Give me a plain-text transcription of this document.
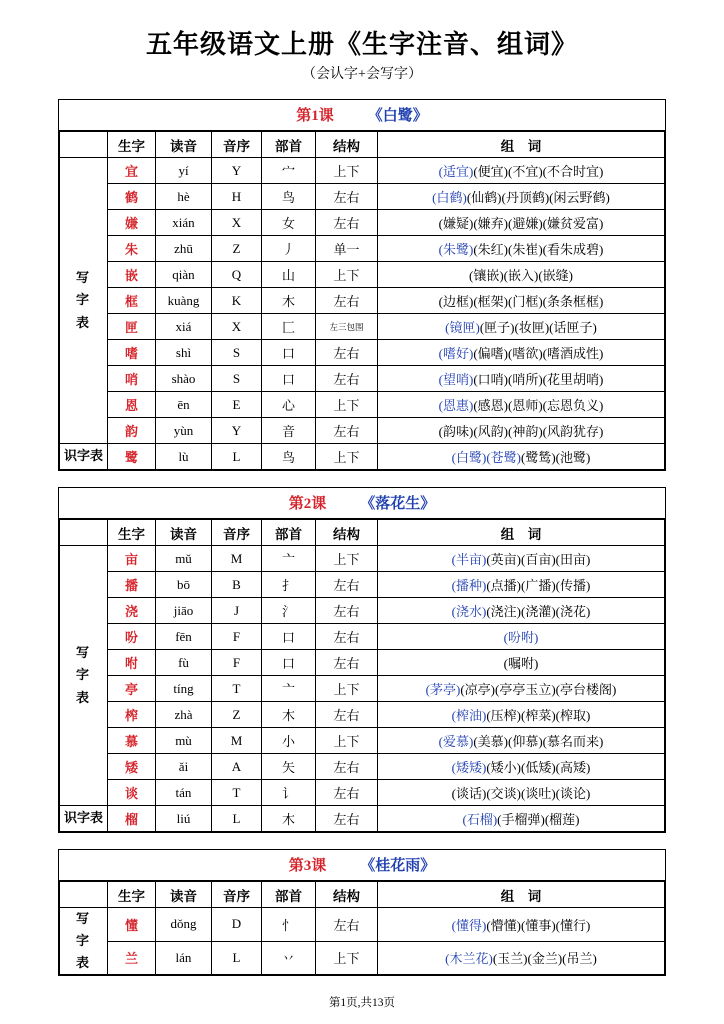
五年级语文上册《生字注音、组词》
（会认字+会写字）
第1课 《白鹭》
	生字	读音	音序	部首	结构	组　词
写
字
表	宜	yí	Y	宀	上下	(适宜)(便宜)(不宜)(不合时宜)
	鹤	hè	H	鸟	左右	(白鹤)(仙鹤)(丹顶鹤)(闲云野鹤)
	嫌	xián	X	女	左右	(嫌疑)(嫌弃)(避嫌)(嫌贫爱富)
	朱	zhū	Z	丿	单一	(朱鹭)(朱红)(朱崔)(看朱成碧)
	嵌	qiàn	Q	山	上下	(镶嵌)(嵌入)(嵌缝)
	框	kuàng	K	木	左右	(边框)(框架)(门框)(条条框框)
	匣	xiá	X	匚	左三包围	(镜匣)(匣子)(妆匣)(话匣子)
	嗜	shì	S	口	左右	(嗜好)(偏嗜)(嗜欲)(嗜酒成性)
	哨	shào	S	口	左右	(望哨)(口哨)(哨所)(花里胡哨)
	恩	ēn	E	心	上下	(恩惠)(感恩)(恩师)(忘恩负义)
	韵	yùn	Y	音	左右	(韵味)(风韵)(神韵)(风韵犹存)
识字表	鹭	lù	L	鸟	上下	(白鹭)(苍鹭)(鹭鸶)(池鹭)
第2课 《落花生》
	生字	读音	音序	部首	结构	组　词
写
字
表	亩	mǔ	M	亠	上下	(半亩)(英亩)(百亩)(田亩)
	播	bō	B	扌	左右	(播种)(点播)(广播)(传播)
	浇	jiāo	J	氵	左右	(浇水)(浇注)(浇灌)(浇花)
	吩	fēn	F	口	左右	(吩咐)
	咐	fù	F	口	左右	(嘱咐)
	亭	tíng	T	亠	上下	(茅亭)(凉亭)(亭亭玉立)(亭台楼阁)
	榨	zhà	Z	木	左右	(榨油)(压榨)(榨菜)(榨取)
	慕	mù	M	小	上下	(爱慕)(美慕)(仰慕)(慕名而来)
	矮	ǎi	A	矢	左右	(矮矮)(矮小)(低矮)(高矮)
	谈	tán	T	讠	左右	(谈话)(交谈)(谈吐)(谈论)
识字表	榴	liú	L	木	左右	(石榴)(手榴弹)(榴莲)
第3课 《桂花雨》
	生字	读音	音序	部首	结构	组　词
写
字
表	懂	dǒng	D	忄	左右	(懂得)(懵懂)(懂事)(懂行)
	兰	lán	L	丷	上下	(木兰花)(玉兰)(金兰)(吊兰)
第1页,共13页
